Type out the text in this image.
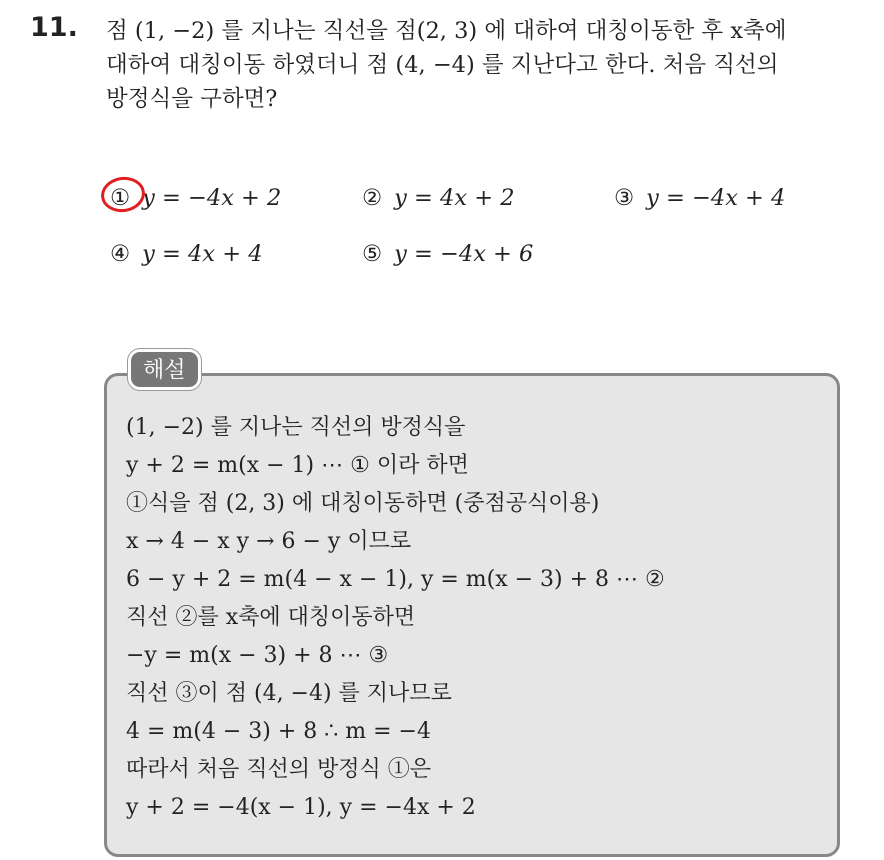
11. 점 (1, −2) 를 지나는 직선을 점(2, 3) 에 대하여 대칭이동한 후 x축에
대하여 대칭이동 하였더니 점 (4, −4) 를 지난다고 한다. 처음 직선의
방정식을 구하면?
① y = −4x + 2	② y = 4x + 2	③ y = −4x + 4
④ y = 4x + 4	⑤ y = −4x + 6
해설
(1, −2) 를 지나는 직선의 방정식을
y + 2 = m(x − 1) ⋯ ① 이라 하면
①식을 점 (2, 3) 에 대칭이동하면 (중점공식이용)
x → 4 − x y → 6 − y 이므로
6 − y + 2 = m(4 − x − 1), y = m(x − 3) + 8 ⋯ ②
직선 ②를 x축에 대칭이동하면
−y = m(x − 3) + 8 ⋯ ③
직선 ③이 점 (4, −4) 를 지나므로
4 = m(4 − 3) + 8 ∴ m = −4
따라서 처음 직선의 방정식 ①은
y + 2 = −4(x − 1), y = −4x + 2
